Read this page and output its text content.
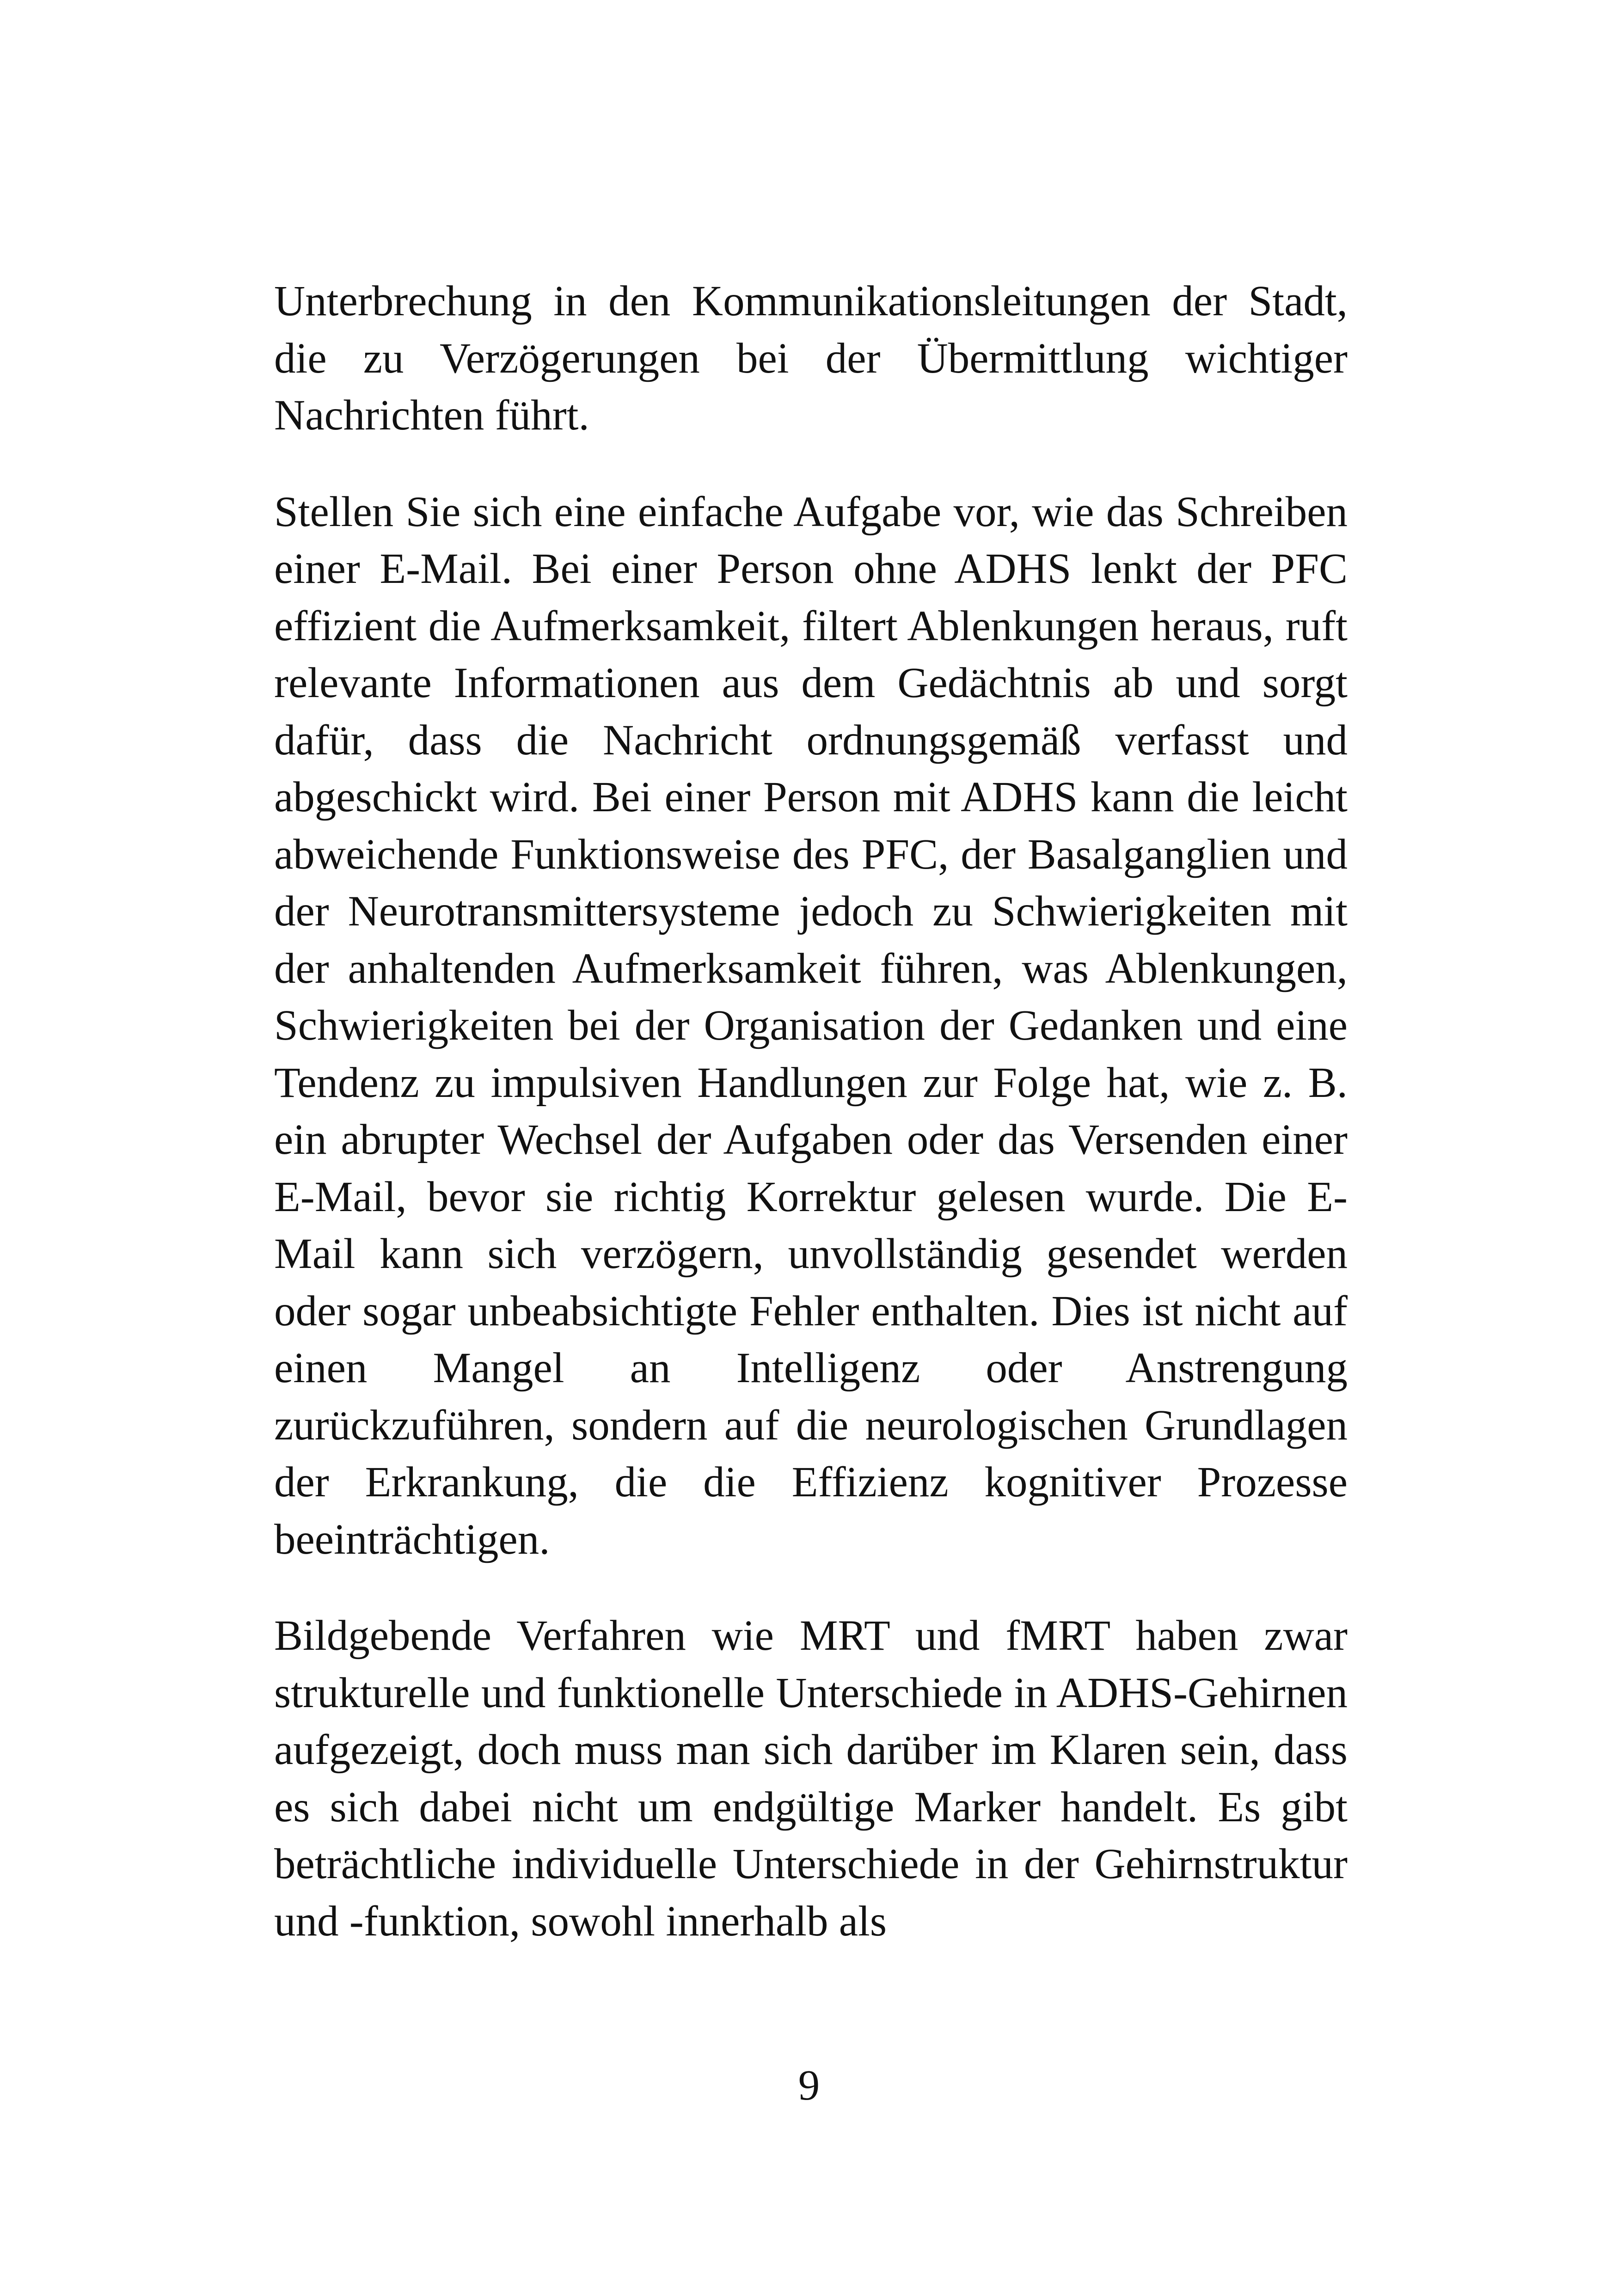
Unterbrechung in den Kommunikationsleitungen der Stadt, die zu Verzögerungen bei der Übermittlung wichtiger Nachrichten führt.

Stellen Sie sich eine einfache Aufgabe vor, wie das Schreiben einer E-Mail. Bei einer Person ohne ADHS lenkt der PFC effizient die Aufmerksamkeit, filtert Ablenkungen heraus, ruft relevante Informationen aus dem Gedächtnis ab und sorgt dafür, dass die Nachricht ordnungsgemäß verfasst und abgeschickt wird. Bei einer Person mit ADHS kann die leicht abweichende Funktionsweise des PFC, der Basalganglien und der Neurotransmittersysteme jedoch zu Schwierigkeiten mit der anhaltenden Aufmerksamkeit führen, was Ablenkungen, Schwierigkeiten bei der Organisation der Gedanken und eine Tendenz zu impulsiven Handlungen zur Folge hat, wie z. B. ein abrupter Wechsel der Aufgaben oder das Versenden einer E-Mail, bevor sie richtig Korrektur gelesen wurde. Die E-Mail kann sich verzögern, unvollständig gesendet werden oder sogar unbeabsichtigte Fehler enthalten. Dies ist nicht auf einen Mangel an Intelligenz oder Anstrengung zurückzuführen, sondern auf die neurologischen Grundlagen der Erkrankung, die die Effizienz kognitiver Prozesse beeinträchtigen.

Bildgebende Verfahren wie MRT und fMRT haben zwar strukturelle und funktionelle Unterschiede in ADHS-Gehirnen aufgezeigt, doch muss man sich darüber im Klaren sein, dass es sich dabei nicht um endgültige Marker handelt. Es gibt beträchtliche individuelle Unterschiede in der Gehirnstruktur und -funktion, sowohl innerhalb als

9
